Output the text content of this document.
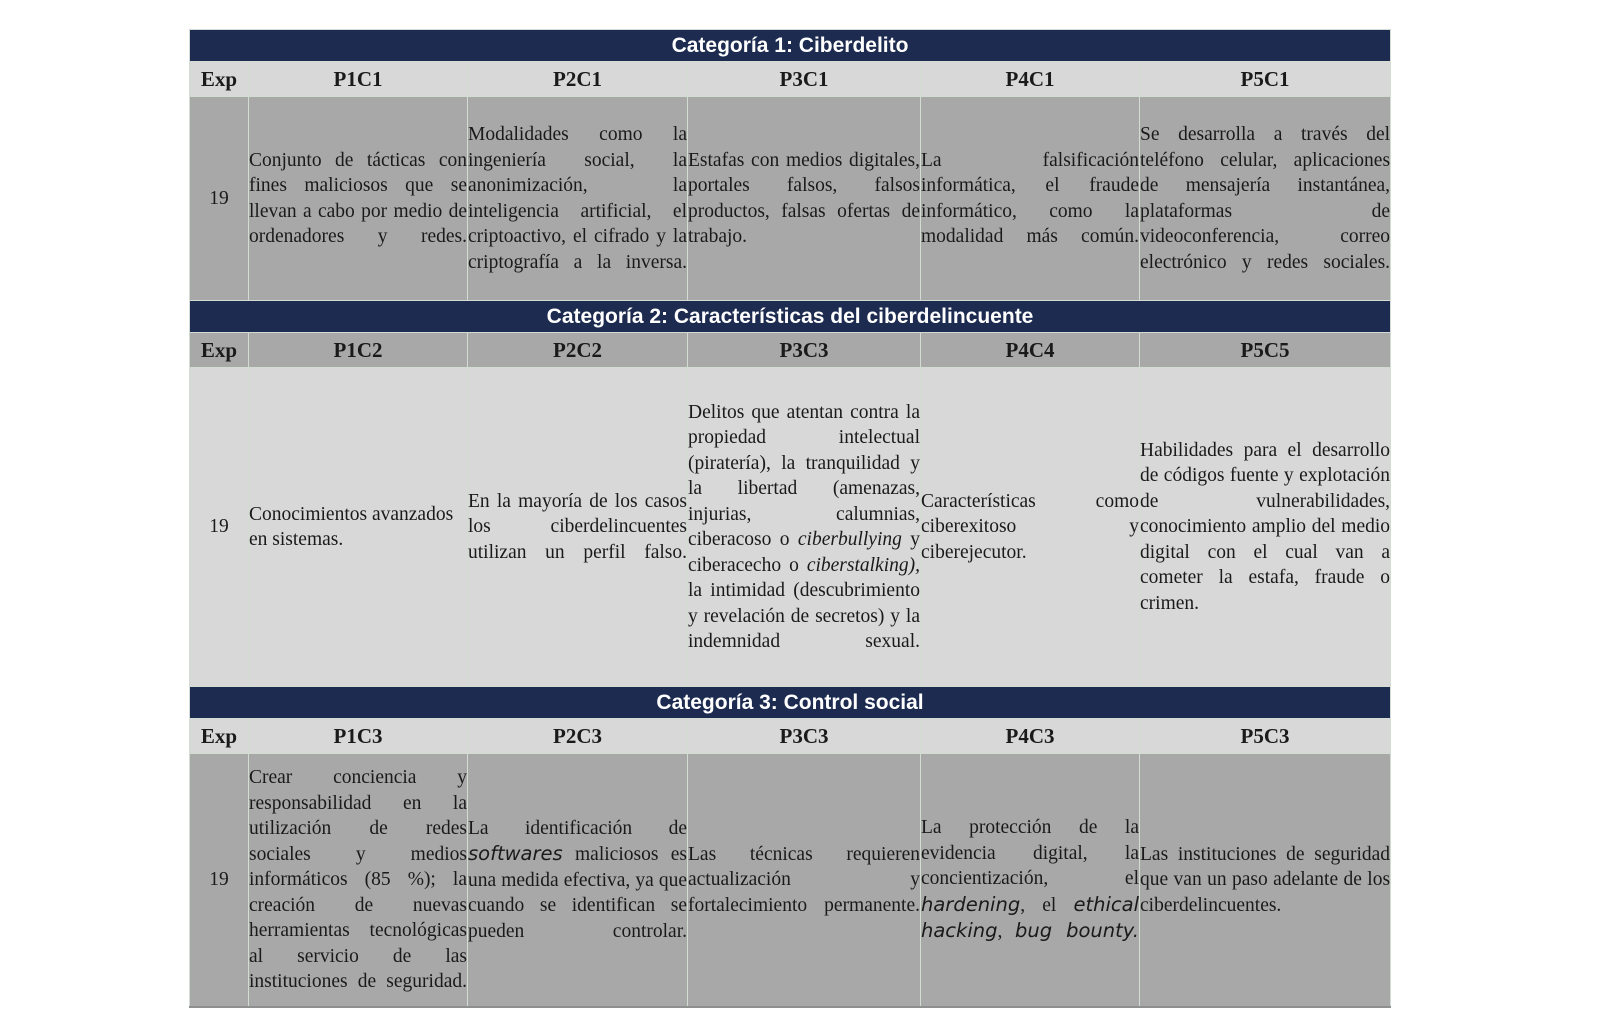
Categoría 1: Ciberdelito					
Exp	P1C1	P2C1	P3C1	P4C1	P5C1
19	Conjunto de tácticas con fines maliciosos que se llevan a cabo por medio de ordenadores y redes.	Modalidades como la ingeniería social, la anonimización, la inteligencia artificial, el criptoactivo, el cifrado y la criptografía a la inversa.	Estafas con medios digitales, portales falsos, falsos productos, falsas ofertas de trabajo.	La falsificación informática, el fraude informático, como la modalidad más común.	Se desarrolla a través del teléfono celular, aplicaciones de mensajería instantánea, plataformas de videoconferencia, correo electrónico y redes sociales.
Categoría 2: Características del ciberdelincuente					
Exp	P1C2	P2C2	P3C3	P4C4	P5C5
19	Conocimientos avanzados en sistemas.	En la mayoría de los casos los ciberdelincuentes utilizan un perfil falso.	Delitos que atentan contra la propiedad intelectual (piratería), la tranquilidad y la libertad (amenazas, injurias, calumnias, ciberacoso o ciberbullying y ciberacecho o ciberstalking), la intimidad (descubrimiento y revelación de secretos) y la indemnidad sexual.	Características como ciberexitoso y ciberejecutor.	Habilidades para el desarrollo de códigos fuente y explotación de vulnerabilidades, conocimiento amplio del medio digital con el cual van a cometer la estafa, fraude o crimen.
Categoría 3: Control social					
Exp	P1C3	P2C3	P3C3	P4C3	P5C3
19	Crear conciencia y responsabilidad en la utilización de redes sociales y medios informáticos (85 %); la creación de nuevas herramientas tecnológicas al servicio de las instituciones de seguridad.	La identificación de softwares maliciosos es una medida efectiva, ya que cuando se identifican se pueden controlar.	Las técnicas requieren actualización y fortalecimiento permanente.	La protección de la evidencia digital, la concientización, el hardening, el ethical hacking, bug bounty.	Las instituciones de seguridad que van un paso adelante de los ciberdelincuentes.
